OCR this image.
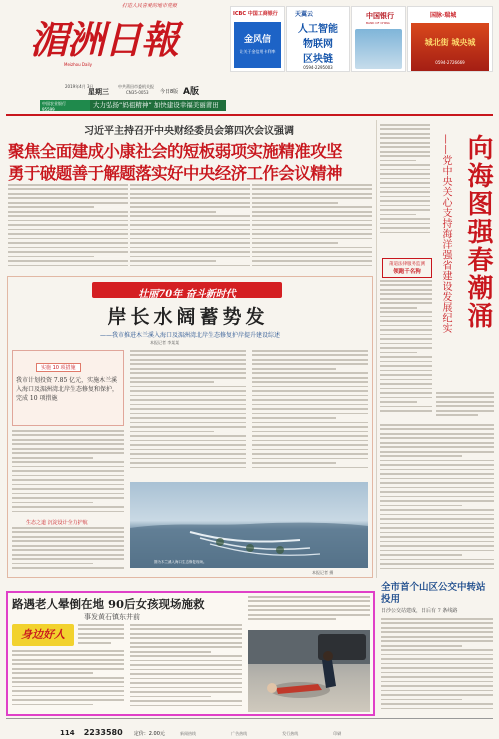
打造人民喜爱的地市党报
湄洲日報
Meizhou Daily
ICBC 中国工商银行
金风信
让关于金信用卡利率
天翼云
人工智能
物联网
区块链
0594-2295003
中国银行
BANK OF CHINA
国脉·瑞城
城北街 城央城
0594-2726669
2019年4月 3日
星期三
中共莆田市委机关报
CN35-0053 今日8版 A版
中国农业银行
95599
大力弘扬“妈祖精神” 加快建设幸福美丽莆田
习近平主持召开中央财经委员会第四次会议强调
聚焦全面建成小康社会的短板弱项实施精准攻坚
勇于破题善于解题落实好中央经济工作会议精神	向海图强春潮涌
——党中央关心支持海洋强省建设发展纪实
莆道法律服务监测
领跑千名狗
壮丽70年 奋斗新时代
岸长水阔蓄势发
——我市推进木兰溪入海口及湄洲湾北岸生态修复护岸提升建设综述
本报记者 李某某
实施 10 项措施
我市计划投资 7.85 亿元，实施木兰溪入海口及湄洲湾北岸生态修复和保护，完成 10 项措施
生态之道 沉淀设计全力护航
图为木兰溪入海口生态修复现场。
本报记者 摄
路遇老人晕倒在地 90后女孩现场施救
事发黄石镇东井前
身边好人
全市首个山区公交中转站投用
日沙公交站建成，日后有 7 条线路
114 2233580 定价：2.00元	新闻热线	广告热线	发行热线	印刷
